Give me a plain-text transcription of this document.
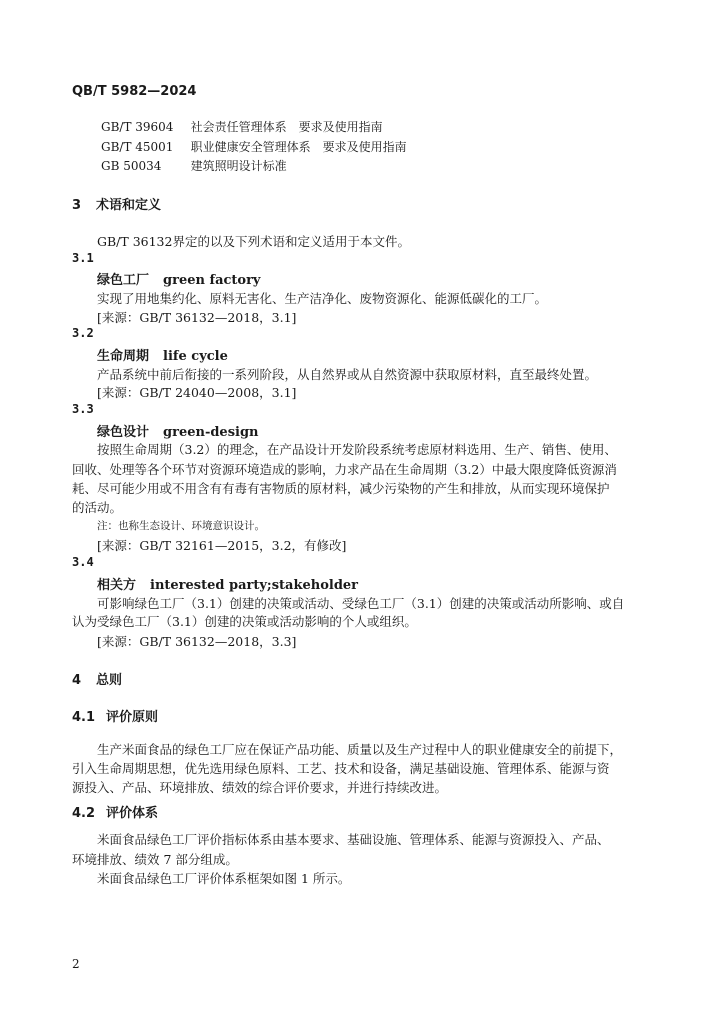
QB/T 5982—2024
GB/T 39604 社会责任管理体系　要求及使用指南
GB/T 45001 职业健康安全管理体系　要求及使用指南
GB 50034 建筑照明设计标准
3 术语和定义
GB/T 36132界定的以及下列术语和定义适用于本文件。
3.1
绿色工厂 green factory
实现了用地集约化、原料无害化、生产洁净化、废物资源化、能源低碳化的工厂。
[来源：GB/T 36132—2018，3.1]
3.2
生命周期 life cycle
产品系统中前后衔接的一系列阶段，从自然界或从自然资源中获取原材料，直至最终处置。
[来源：GB/T 24040—2008，3.1]
3.3
绿色设计 green-design
按照生命周期（3.2）的理念，在产品设计开发阶段系统考虑原材料选用、生产、销售、使用、
回收、处理等各个环节对资源环境造成的影响，力求产品在生命周期（3.2）中最大限度降低资源消
耗、尽可能少用或不用含有有毒有害物质的原材料，减少污染物的产生和排放，从而实现环境保护
的活动。
注：也称生态设计、环境意识设计。
[来源：GB/T 32161—2015，3.2，有修改]
3.4
相关方 interested party;stakeholder
可影响绿色工厂（3.1）创建的决策或活动、受绿色工厂（3.1）创建的决策或活动所影响、或自
认为受绿色工厂（3.1）创建的决策或活动影响的个人或组织。
[来源：GB/T 36132—2018，3.3]
4 总则
4.1 评价原则
生产米面食品的绿色工厂应在保证产品功能、质量以及生产过程中人的职业健康安全的前提下，
引入生命周期思想，优先选用绿色原料、工艺、技术和设备，满足基础设施、管理体系、能源与资
源投入、产品、环境排放、绩效的综合评价要求，并进行持续改进。
4.2 评价体系
米面食品绿色工厂评价指标体系由基本要求、基础设施、管理体系、能源与资源投入、产品、
环境排放、绩效 7 部分组成。
米面食品绿色工厂评价体系框架如图 1 所示。
2
